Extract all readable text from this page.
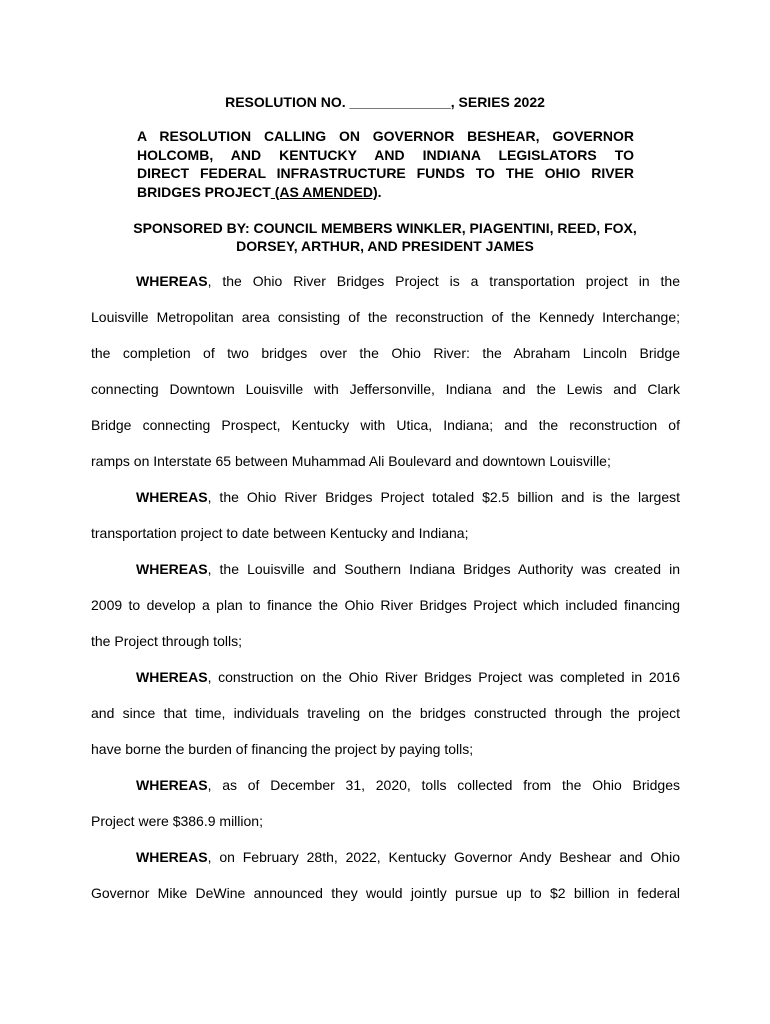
RESOLUTION NO. _____________, SERIES 2022
A RESOLUTION CALLING ON GOVERNOR BESHEAR, GOVERNOR
HOLCOMB, AND KENTUCKY AND INDIANA LEGISLATORS TO
DIRECT FEDERAL INFRASTRUCTURE FUNDS TO THE OHIO RIVER
BRIDGES PROJECT (AS AMENDED).
SPONSORED BY: COUNCIL MEMBERS WINKLER, PIAGENTINI, REED, FOX,
DORSEY, ARTHUR, AND PRESIDENT JAMES
WHEREAS, the Ohio River Bridges Project is a transportation project in the
Louisville Metropolitan area consisting of the reconstruction of the Kennedy Interchange;
the completion of two bridges over the Ohio River: the Abraham Lincoln Bridge
connecting Downtown Louisville with Jeffersonville, Indiana and the Lewis and Clark
Bridge connecting Prospect, Kentucky with Utica, Indiana; and the reconstruction of
ramps on Interstate 65 between Muhammad Ali Boulevard and downtown Louisville;
WHEREAS, the Ohio River Bridges Project totaled $2.5 billion and is the largest
transportation project to date between Kentucky and Indiana;
WHEREAS, the Louisville and Southern Indiana Bridges Authority was created in
2009 to develop a plan to finance the Ohio River Bridges Project which included financing
the Project through tolls;
WHEREAS, construction on the Ohio River Bridges Project was completed in 2016
and since that time, individuals traveling on the bridges constructed through the project
have borne the burden of financing the project by paying tolls;
WHEREAS, as of December 31, 2020, tolls collected from the Ohio Bridges
Project were $386.9 million;
WHEREAS, on February 28th, 2022, Kentucky Governor Andy Beshear and Ohio
Governor Mike DeWine announced they would jointly pursue up to $2 billion in federal
